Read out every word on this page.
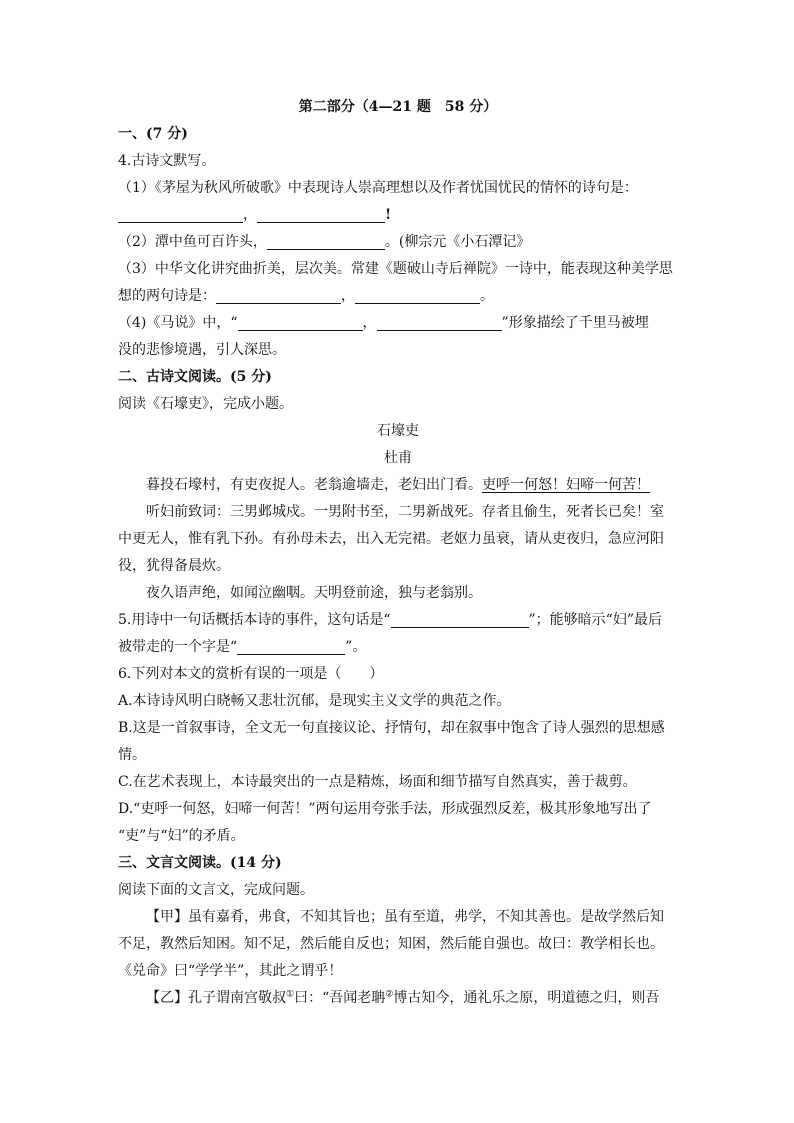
第二部分（4—21 题　58 分）
一、(7 分)
4.古诗文默写。
（1）《茅屋为秋风所破歌》中表现诗人崇高理想以及作者忧国忧民的情怀的诗句是：
，	!
（2）潭中鱼可百许头，	。(柳宗元《小石潭记》
（3）中华文化讲究曲折美，层次美。常建《题破山寺后禅院》一诗中，能表现这种美学思
想的两句诗是：	，	。
（4)《马说》中，“	，	”形象描绘了千里马被埋
没的悲惨境遇，引人深思。
二、古诗文阅读。(5 分)
阅读《石壕吏》，完成小题。
石壕吏
杜甫
暮投石壕村，有吏夜捉人。老翁逾墙走，老妇出门看。吏呼一何怒！妇啼一何苦！
听妇前致词：三男邺城戍。一男附书至，二男新战死。存者且偷生，死者长已矣！室
中更无人，惟有乳下孙。有孙母未去，出入无完裙。老妪力虽衰，请从吏夜归，急应河阳
役，犹得备晨炊。
夜久语声绝，如闻泣幽咽。天明登前途，独与老翁别。
5.用诗中一句话概括本诗的事件，这句话是“	”；能够暗示“妇”最后
被带走的一个字是“	”。
6.下列对本文的赏析有误的一项是（　　）
A.本诗诗风明白晓畅又悲壮沉郁，是现实主义文学的典范之作。
B.这是一首叙事诗，全文无一句直接议论、抒情句，却在叙事中饱含了诗人强烈的思想感
情。
C.在艺术表现上，本诗最突出的一点是精炼，场面和细节描写自然真实，善于裁剪。
D.“吏呼一何怒，妇啼一何苦！”两句运用夸张手法，形成强烈反差，极其形象地写出了
“吏”与“妇”的矛盾。
三、文言文阅读。(14 分)
阅读下面的文言文，完成问题。
【甲】虽有嘉肴，弗食，不知其旨也；虽有至道，弗学，不知其善也。是故学然后知
不足，教然后知困。知不足，然后能自反也；知困，然后能自强也。故曰：教学相长也。
《兑命》曰“学学半”，其此之谓乎！
【乙】孔子谓南宫敬叔①曰：“吾闻老聃②博古知今，通礼乐之原，明道德之归，则吾
